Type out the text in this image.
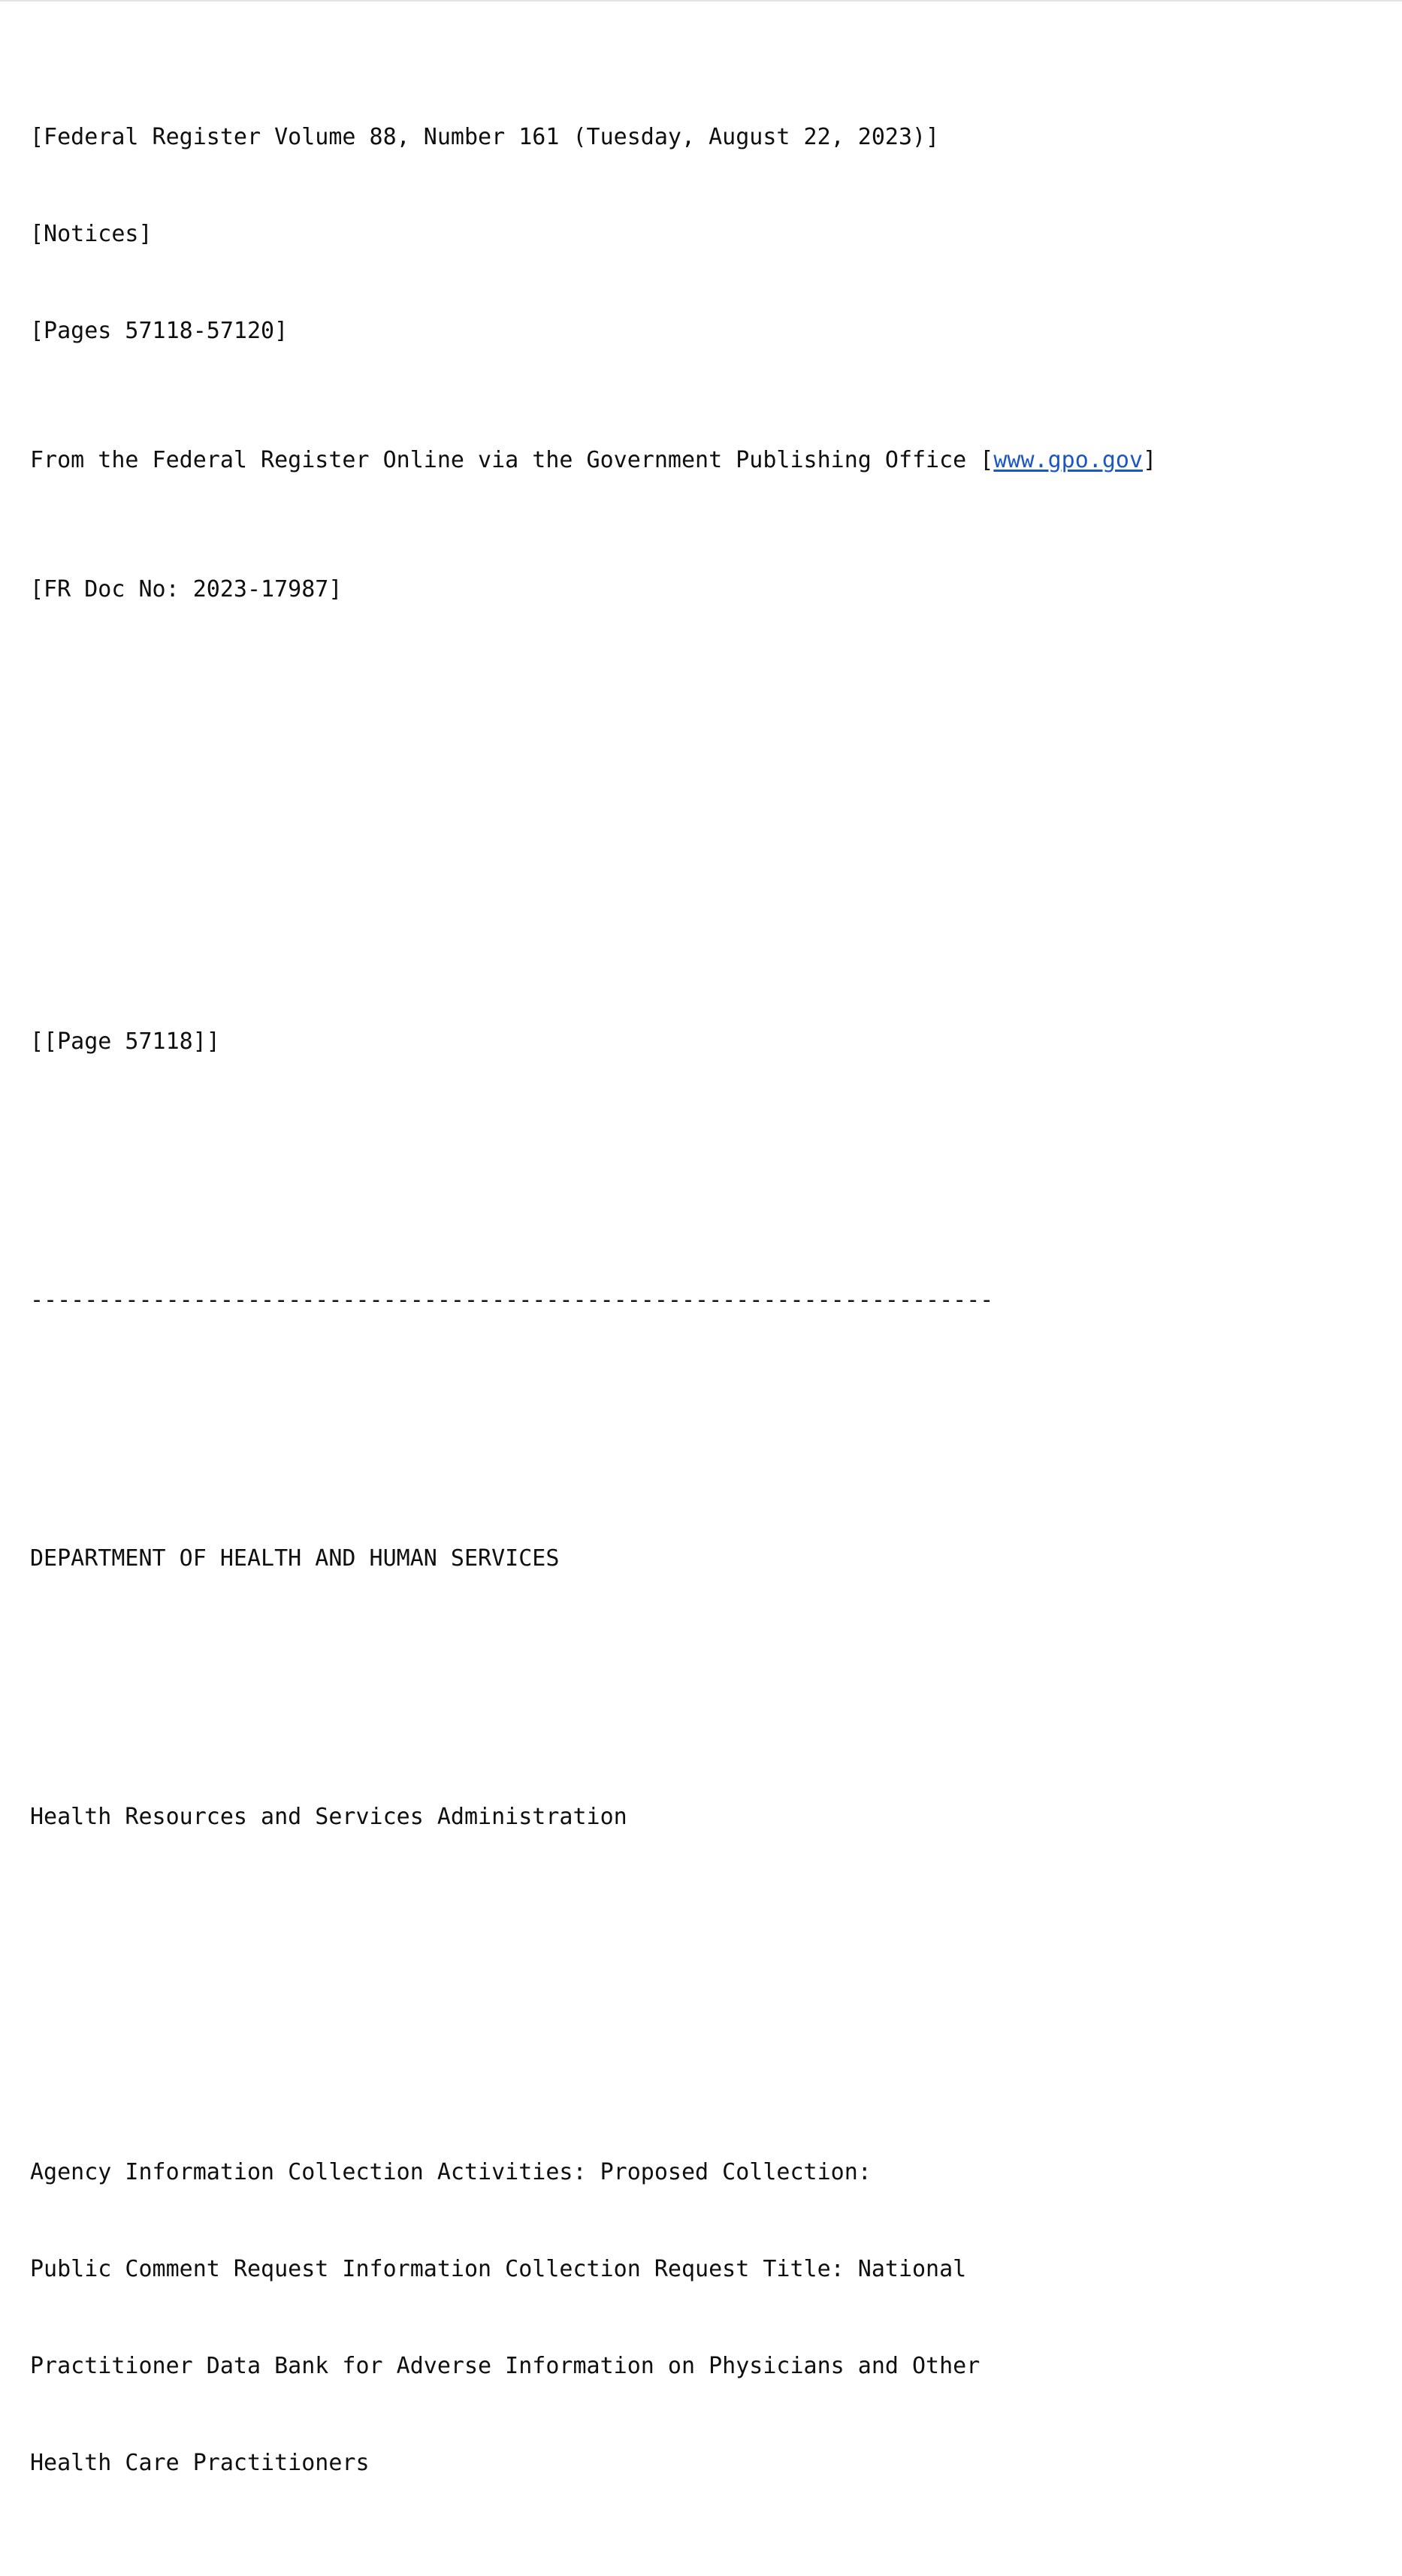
[Federal Register Volume 88, Number 161 (Tuesday, August 22, 2023)]

[Notices]

[Pages 57118-57120]

From the Federal Register Online via the Government Publishing Office [www.gpo.gov]

[FR Doc No: 2023-17987]

[[Page 57118]]

-----------------------------------------------------------------------

DEPARTMENT OF HEALTH AND HUMAN SERVICES

Health Resources and Services Administration

Agency Information Collection Activities: Proposed Collection:

Public Comment Request Information Collection Request Title: National

Practitioner Data Bank for Adverse Information on Physicians and Other

Health Care Practitioners
